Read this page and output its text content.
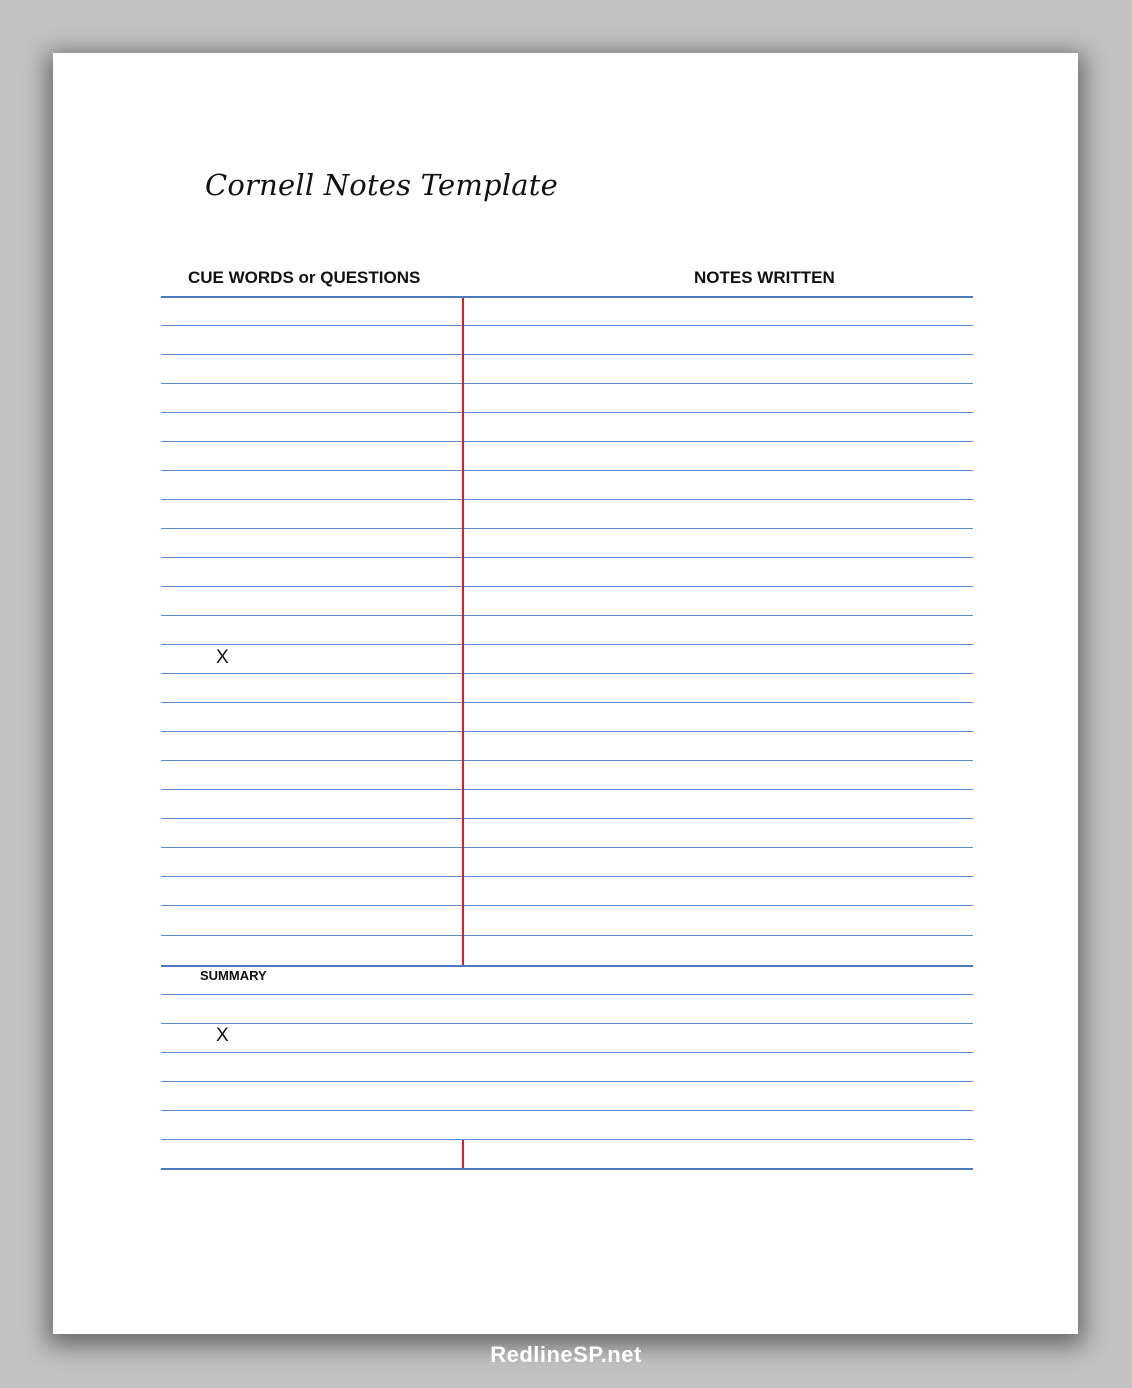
Cornell Notes Template
CUE WORDS or QUESTIONS	NOTES WRITTEN
X
SUMMARY
X
RedlineSP.net
